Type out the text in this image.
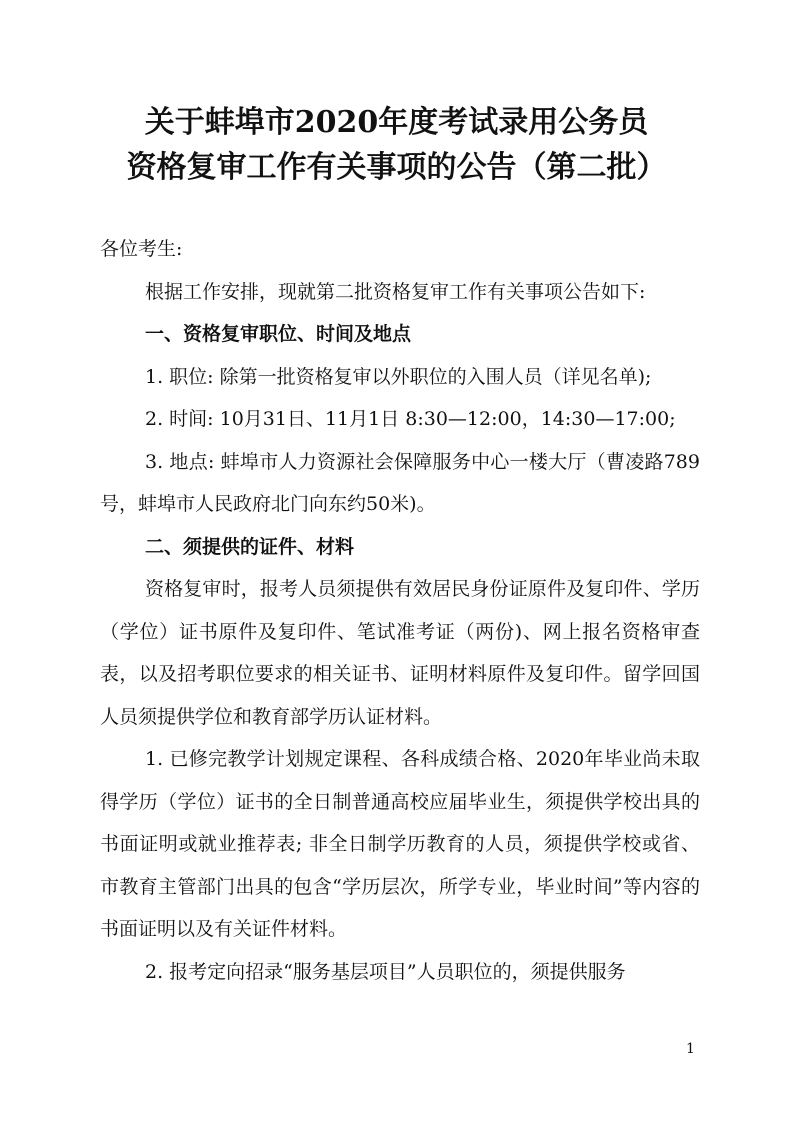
关于蚌埠市2020年度考试录用公务员
资格复审工作有关事项的公告（第二批）

各位考生:

根据工作安排，现就第二批资格复审工作有关事项公告如下:

一、资格复审职位、时间及地点

1. 职位: 除第一批资格复审以外职位的入围人员（详见名单);

2. 时间: 10月31日、11月1日 8:30—12:00，14:30—17:00;

3. 地点: 蚌埠市人力资源社会保障服务中心一楼大厅（曹凌路789号，蚌埠市人民政府北门向东约50米)。

二、须提供的证件、材料

资格复审时，报考人员须提供有效居民身份证原件及复印件、学历（学位）证书原件及复印件、笔试准考证（两份)、网上报名资格审查表，以及招考职位要求的相关证书、证明材料原件及复印件。留学回国人员须提供学位和教育部学历认证材料。

1. 已修完教学计划规定课程、各科成绩合格、2020年毕业尚未取得学历（学位）证书的全日制普通高校应届毕业生，须提供学校出具的书面证明或就业推荐表; 非全日制学历教育的人员，须提供学校或省、市教育主管部门出具的包含“学历层次，所学专业，毕业时间”等内容的书面证明以及有关证件材料。

2. 报考定向招录“服务基层项目”人员职位的，须提供服务

1
